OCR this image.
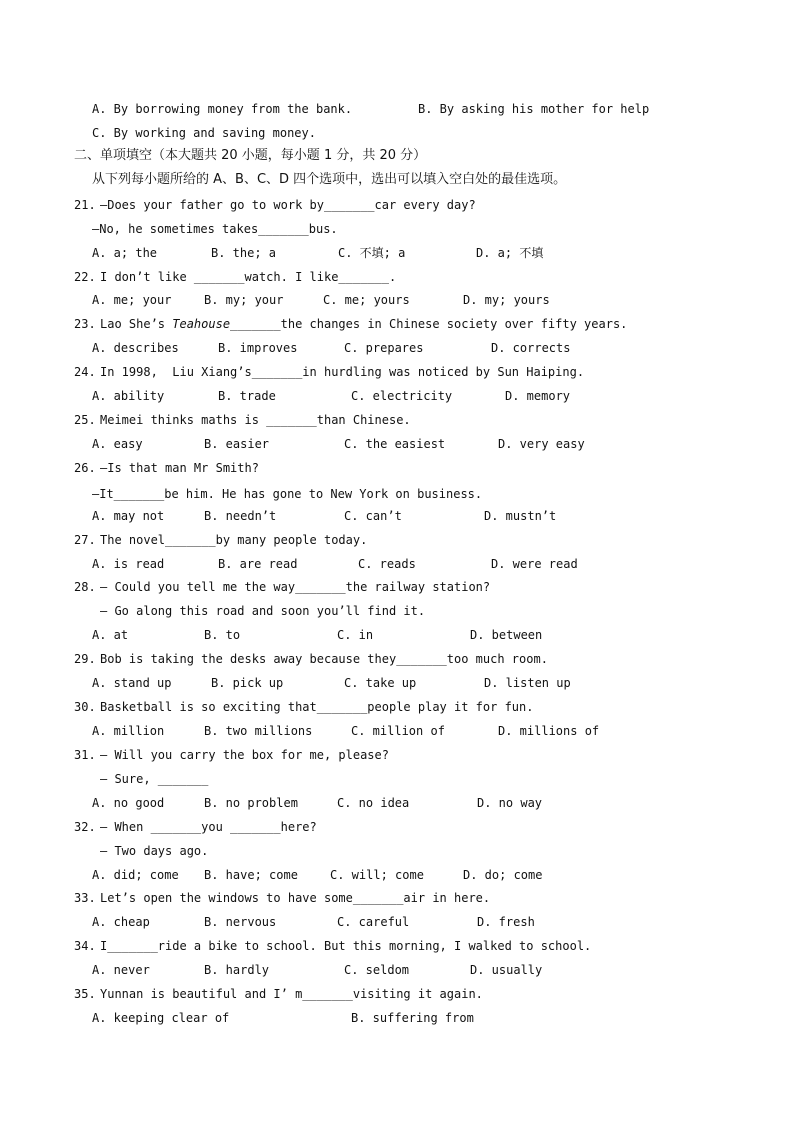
A. By borrowing money from the bank.	B. By asking his mother for help
C. By working and saving money.
二、单项填空（本大题共 20 小题，每小题 1 分，共 20 分）
从下列每小题所给的 A、B、C、D 四个选项中，选出可以填入空白处的最佳选项。
21. —Does your father go to work by_______car every day?
—No, he sometimes takes_______bus.
A. a; the	B. the; a	C. 不填; a	D. a; 不填
22. I don’t like _______watch. I like_______.
A. me; your	B. my; your	C. me; yours	D. my; yours
23. Lao She’s Teahouse_______the changes in Chinese society over fifty years.
A. describes	B. improves	C. prepares	D. corrects
24. In 1998,  Liu Xiang’s_______in hurdling was noticed by Sun Haiping.
A. ability	B. trade	C. electricity	D. memory
25. Meimei thinks maths is _______than Chinese.
A. easy	B. easier	C. the easiest	D. very easy
26. —Is that man Mr Smith?
—It_______be him. He has gone to New York on business.
A. may not	B. needn’t	C. can’t	D. mustn’t
27. The novel_______by many people today.
A. is read	B. are read	C. reads	D. were read
28. — Could you tell me the way_______the railway station?
— Go along this road and soon you’ll find it.
A. at	B. to	C. in	D. between
29. Bob is taking the desks away because they_______too much room.
A. stand up	B. pick up	C. take up	D. listen up
30. Basketball is so exciting that_______people play it for fun.
A. million	B. two millions	C. million of	D. millions of
31. — Will you carry the box for me, please?
— Sure, _______
A. no good	B. no problem	C. no idea	D. no way
32. — When _______you _______here?
— Two days ago.
A. did; come B. have; come	C. will; come	D. do; come
33. Let’s open the windows to have some_______air in here.
A. cheap	B. nervous	C. careful	D. fresh
34. I_______ride a bike to school. But this morning, I walked to school.
A. never	B. hardly	C. seldom	D. usually
35. Yunnan is beautiful and I’ m_______visiting it again.
A. keeping clear of	B. suffering from
